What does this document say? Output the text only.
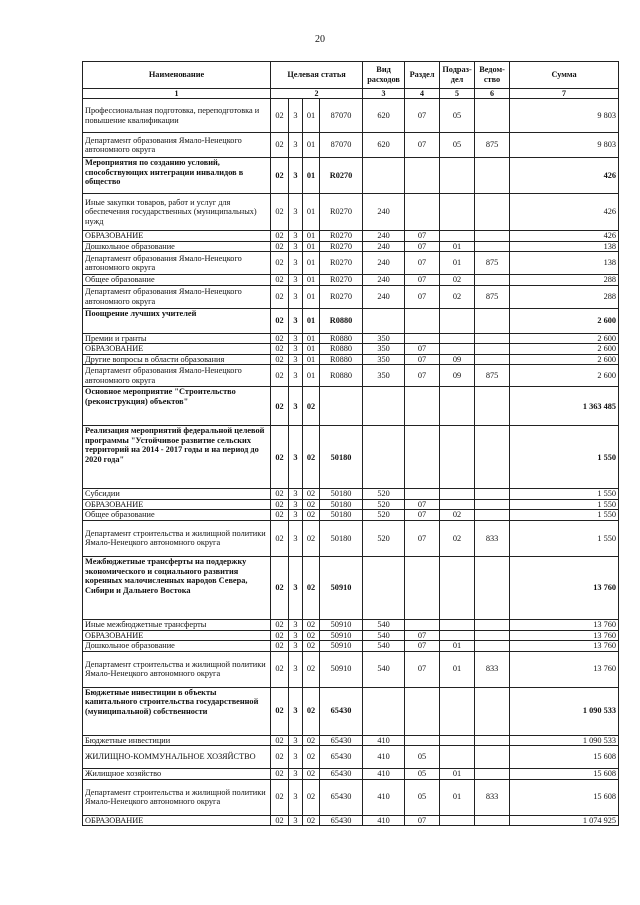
20
Наименование	Целевая статья				Вид расходов	Раздел	Подраз-дел	Ведом-ство	Сумма
1	2				3	4	5	6	7
Профессиональная подготовка, переподготовка и повышение квалификации	02	3	01	87070	620	07	05		9 803
Департамент образования Ямало-Ненецкого автономного округа	02	3	01	87070	620	07	05	875	9 803
Мероприятия по созданию условий, способствующих интеграции инвалидов в общество	02	3	01	R0270					426
Иные закупки товаров, работ и услуг для обеспечения государственных (муниципальных) нужд	02	3	01	R0270	240				426
ОБРАЗОВАНИЕ	02	3	01	R0270	240	07			426
Дошкольное образование	02	3	01	R0270	240	07	01		138
Департамент образования Ямало-Ненецкого автономного округа	02	3	01	R0270	240	07	01	875	138
Общее образование	02	3	01	R0270	240	07	02		288
Департамент образования Ямало-Ненецкого автономного округа	02	3	01	R0270	240	07	02	875	288
Поощрение лучших учителей	02	3	01	R0880					2 600
Премии и гранты	02	3	01	R0880	350				2 600
ОБРАЗОВАНИЕ	02	3	01	R0880	350	07			2 600
Другие вопросы в области образования	02	3	01	R0880	350	07	09		2 600
Департамент образования Ямало-Ненецкого автономного округа	02	3	01	R0880	350	07	09	875	2 600
Основное мероприятие "Строительство (реконструкция) объектов"	02	3	02						1 363 485
Реализация мероприятий федеральной целевой программы "Устойчивое развитие сельских территорий на 2014 - 2017 годы и на период до 2020 года"	02	3	02	50180					1 550
Субсидии	02	3	02	50180	520				1 550
ОБРАЗОВАНИЕ	02	3	02	50180	520	07			1 550
Общее образование	02	3	02	50180	520	07	02		1 550
Департамент строительства и жилищной политики Ямало-Ненецкого автономного округа	02	3	02	50180	520	07	02	833	1 550
Межбюджетные трансферты на поддержку экономического и социального развития коренных малочисленных народов Севера, Сибири и Дальнего Востока	02	3	02	50910					13 760
Иные межбюджетные трансферты	02	3	02	50910	540				13 760
ОБРАЗОВАНИЕ	02	3	02	50910	540	07			13 760
Дошкольное образование	02	3	02	50910	540	07	01		13 760
Департамент строительства и жилищной политики Ямало-Ненецкого автономного округа	02	3	02	50910	540	07	01	833	13 760
Бюджетные инвестиции в объекты капитального строительства государственной (муниципальной) собственности	02	3	02	65430					1 090 533
Бюджетные инвестиции	02	3	02	65430	410				1 090 533
ЖИЛИЩНО-КОММУНАЛЬНОЕ ХОЗЯЙСТВО	02	3	02	65430	410	05			15 608
Жилищное хозяйство	02	3	02	65430	410	05	01		15 608
Департамент строительства и жилищной политики Ямало-Ненецкого автономного округа	02	3	02	65430	410	05	01	833	15 608
ОБРАЗОВАНИЕ	02	3	02	65430	410	07			1 074 925
